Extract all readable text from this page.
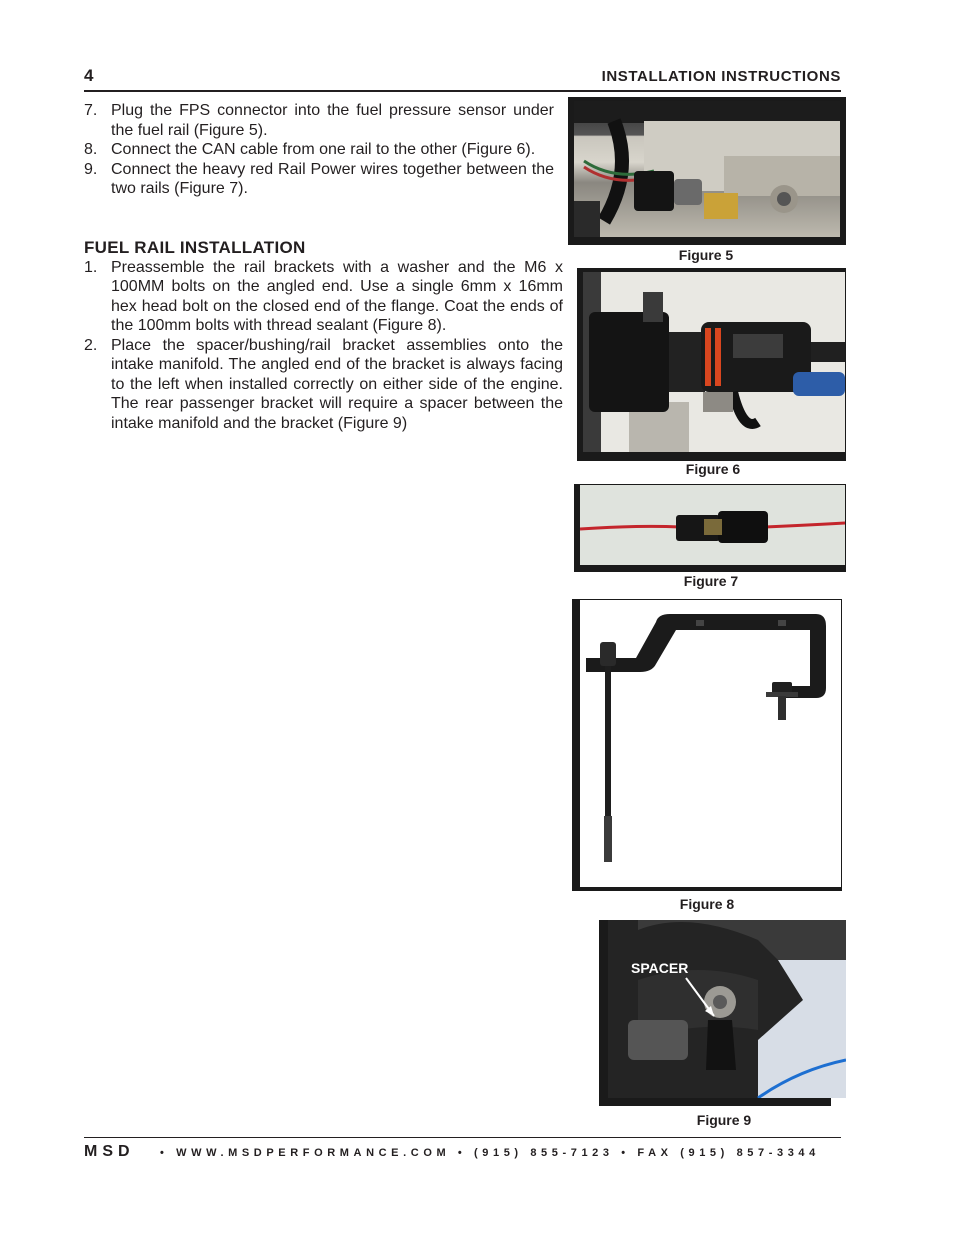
4	INSTALLATION INSTRUCTIONS
7. Plug the FPS connector into the fuel pressure sensor under the fuel rail (Figure 5).
8. Connect the CAN cable from one rail to the other (Figure 6).
9. Connect the heavy red Rail Power wires together between the two rails (Figure 7).

FUEL RAIL INSTALLATION

1. Preassemble the rail brackets with a washer and the M6 x 100MM bolts on the angled end. Use a single 6mm x 16mm hex head bolt on the closed end of the flange. Coat the ends of the 100mm bolts with thread sealant (Figure 8).
2. Place the spacer/bushing/rail bracket assemblies onto the intake manifold. The angled end of the bracket is always facing to the left when installed correctly on either side of the engine. The rear passenger bracket will require a spacer between the intake manifold and the bracket (Figure 9)
Figure 5
Figure 6
Figure 7
Figure 8
SPACER
Figure 9
MSD • WWW.MSDPERFORMANCE.COM • (915) 855-7123 • FAX (915) 857-3344
